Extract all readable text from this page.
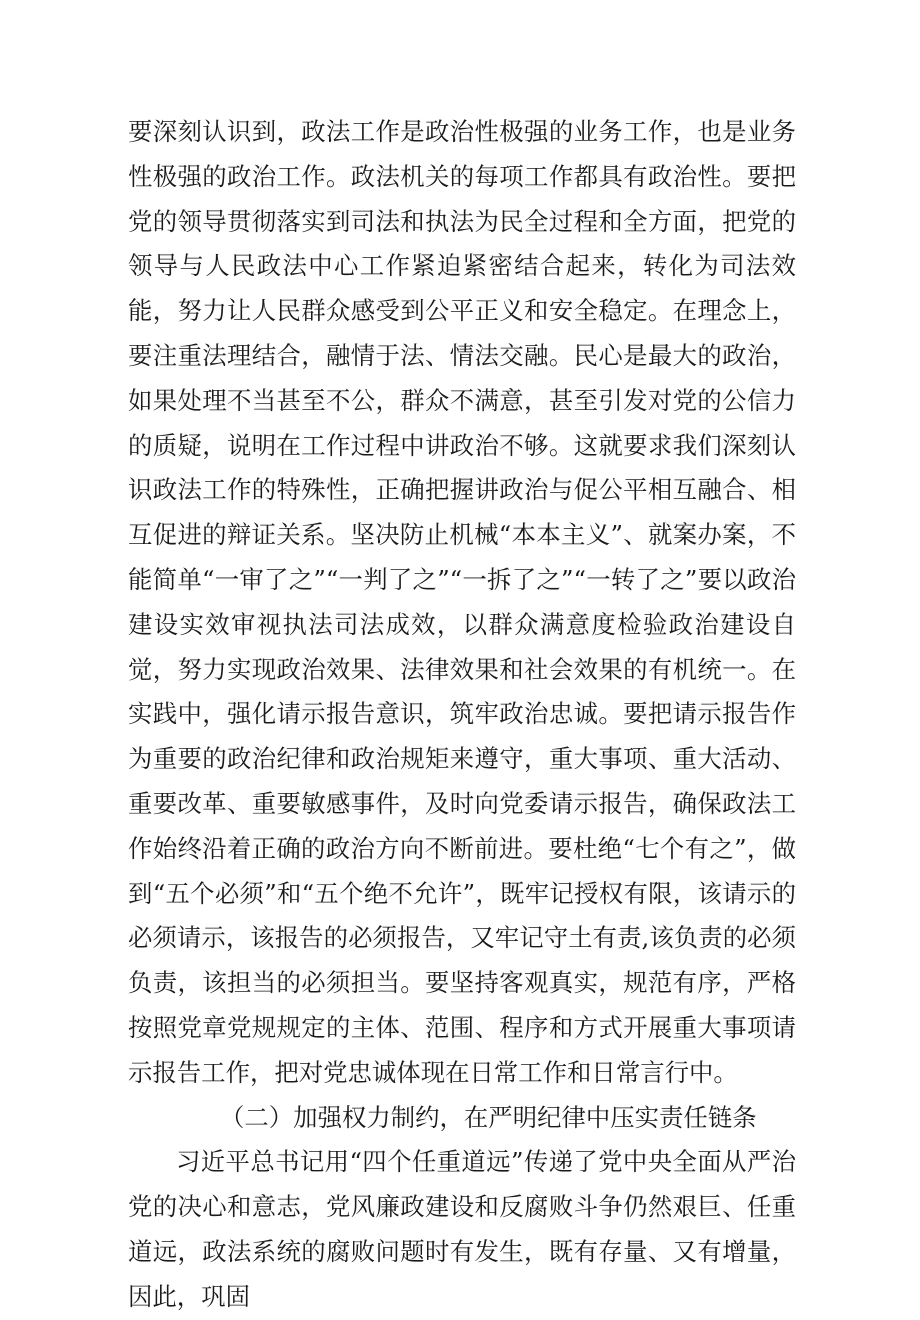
要深刻认识到，政法工作是政治性极强的业务工作，也是业务性极强的政治工作。政法机关的每项工作都具有政治性。要把党的领导贯彻落实到司法和执法为民全过程和全方面，把党的领导与人民政法中心工作紧迫紧密结合起来，转化为司法效能，努力让人民群众感受到公平正义和安全稳定。在理念上，要注重法理结合，融情于法、情法交融。民心是最大的政治，如果处理不当甚至不公，群众不满意，甚至引发对党的公信力的质疑，说明在工作过程中讲政治不够。这就要求我们深刻认识政法工作的特殊性，正确把握讲政治与促公平相互融合、相互促进的辩证关系。坚决防止机械“本本主义”、就案办案，不能简单“一审了之”“一判了之”“一拆了之”“一转了之”要以政治建设实效审视执法司法成效，以群众满意度检验政治建设自觉，努力实现政治效果、法律效果和社会效果的有机统一。在实践中，强化请示报告意识，筑牢政治忠诚。要把请示报告作为重要的政治纪律和政治规矩来遵守，重大事项、重大活动、重要改革、重要敏感事件，及时向党委请示报告，确保政法工作始终沿着正确的政治方向不断前进。要杜绝“七个有之”，做到“五个必须”和“五个绝不允许”，既牢记授权有限，该请示的必须请示，该报告的必须报告，又牢记守土有责,该负责的必须负责，该担当的必须担当。要坚持客观真实，规范有序，严格按照党章党规规定的主体、范围、程序和方式开展重大事项请示报告工作，把对党忠诚体现在日常工作和日常言行中。

（二）加强权力制约，在严明纪律中压实责任链条

习近平总书记用“四个任重道远”传递了党中央全面从严治党的决心和意志，党风廉政建设和反腐败斗争仍然艰巨、任重道远，政法系统的腐败问题时有发生，既有存量、又有增量，因此，巩固
